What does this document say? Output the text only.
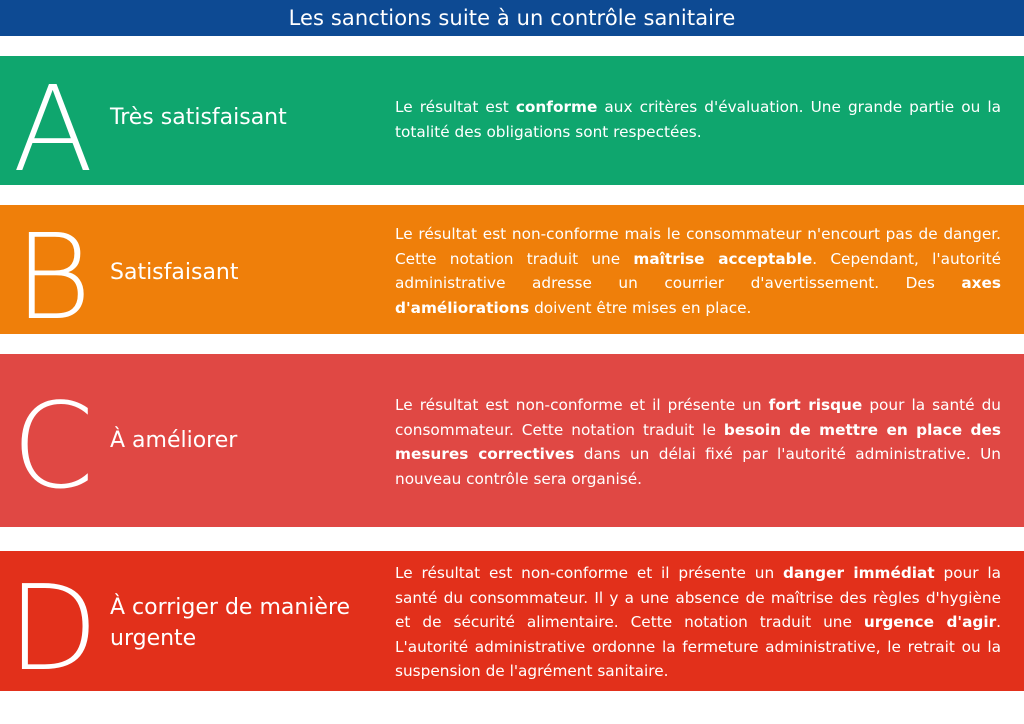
Les sanctions suite à un contrôle sanitaire
A Très satisfaisant	Le résultat est conforme aux critères d'évaluation. Une grande partie ou la totalité des obligations sont respectées.
B Satisfaisant
Le résultat est non-conforme mais le consommateur n'encourt pas de danger. Cette notation traduit une maîtrise acceptable. Cependant, l'autorité administrative adresse un courrier d'avertissement. Des axes d'améliorations doivent être mises en place.
C À améliorer
Le résultat est non-conforme et il présente un fort risque pour la santé du consommateur. Cette notation traduit le besoin de mettre en place des mesures correctives dans un délai fixé par l'autorité administrative. Un nouveau contrôle sera organisé.
D À corriger de manière urgente
Le résultat est non-conforme et il présente un danger immédiat pour la santé du consommateur. Il y a une absence de maîtrise des règles d'hygiène et de sécurité alimentaire. Cette notation traduit une urgence d'agir. L'autorité administrative ordonne la fermeture administrative, le retrait ou la suspension de l'agrément sanitaire.
